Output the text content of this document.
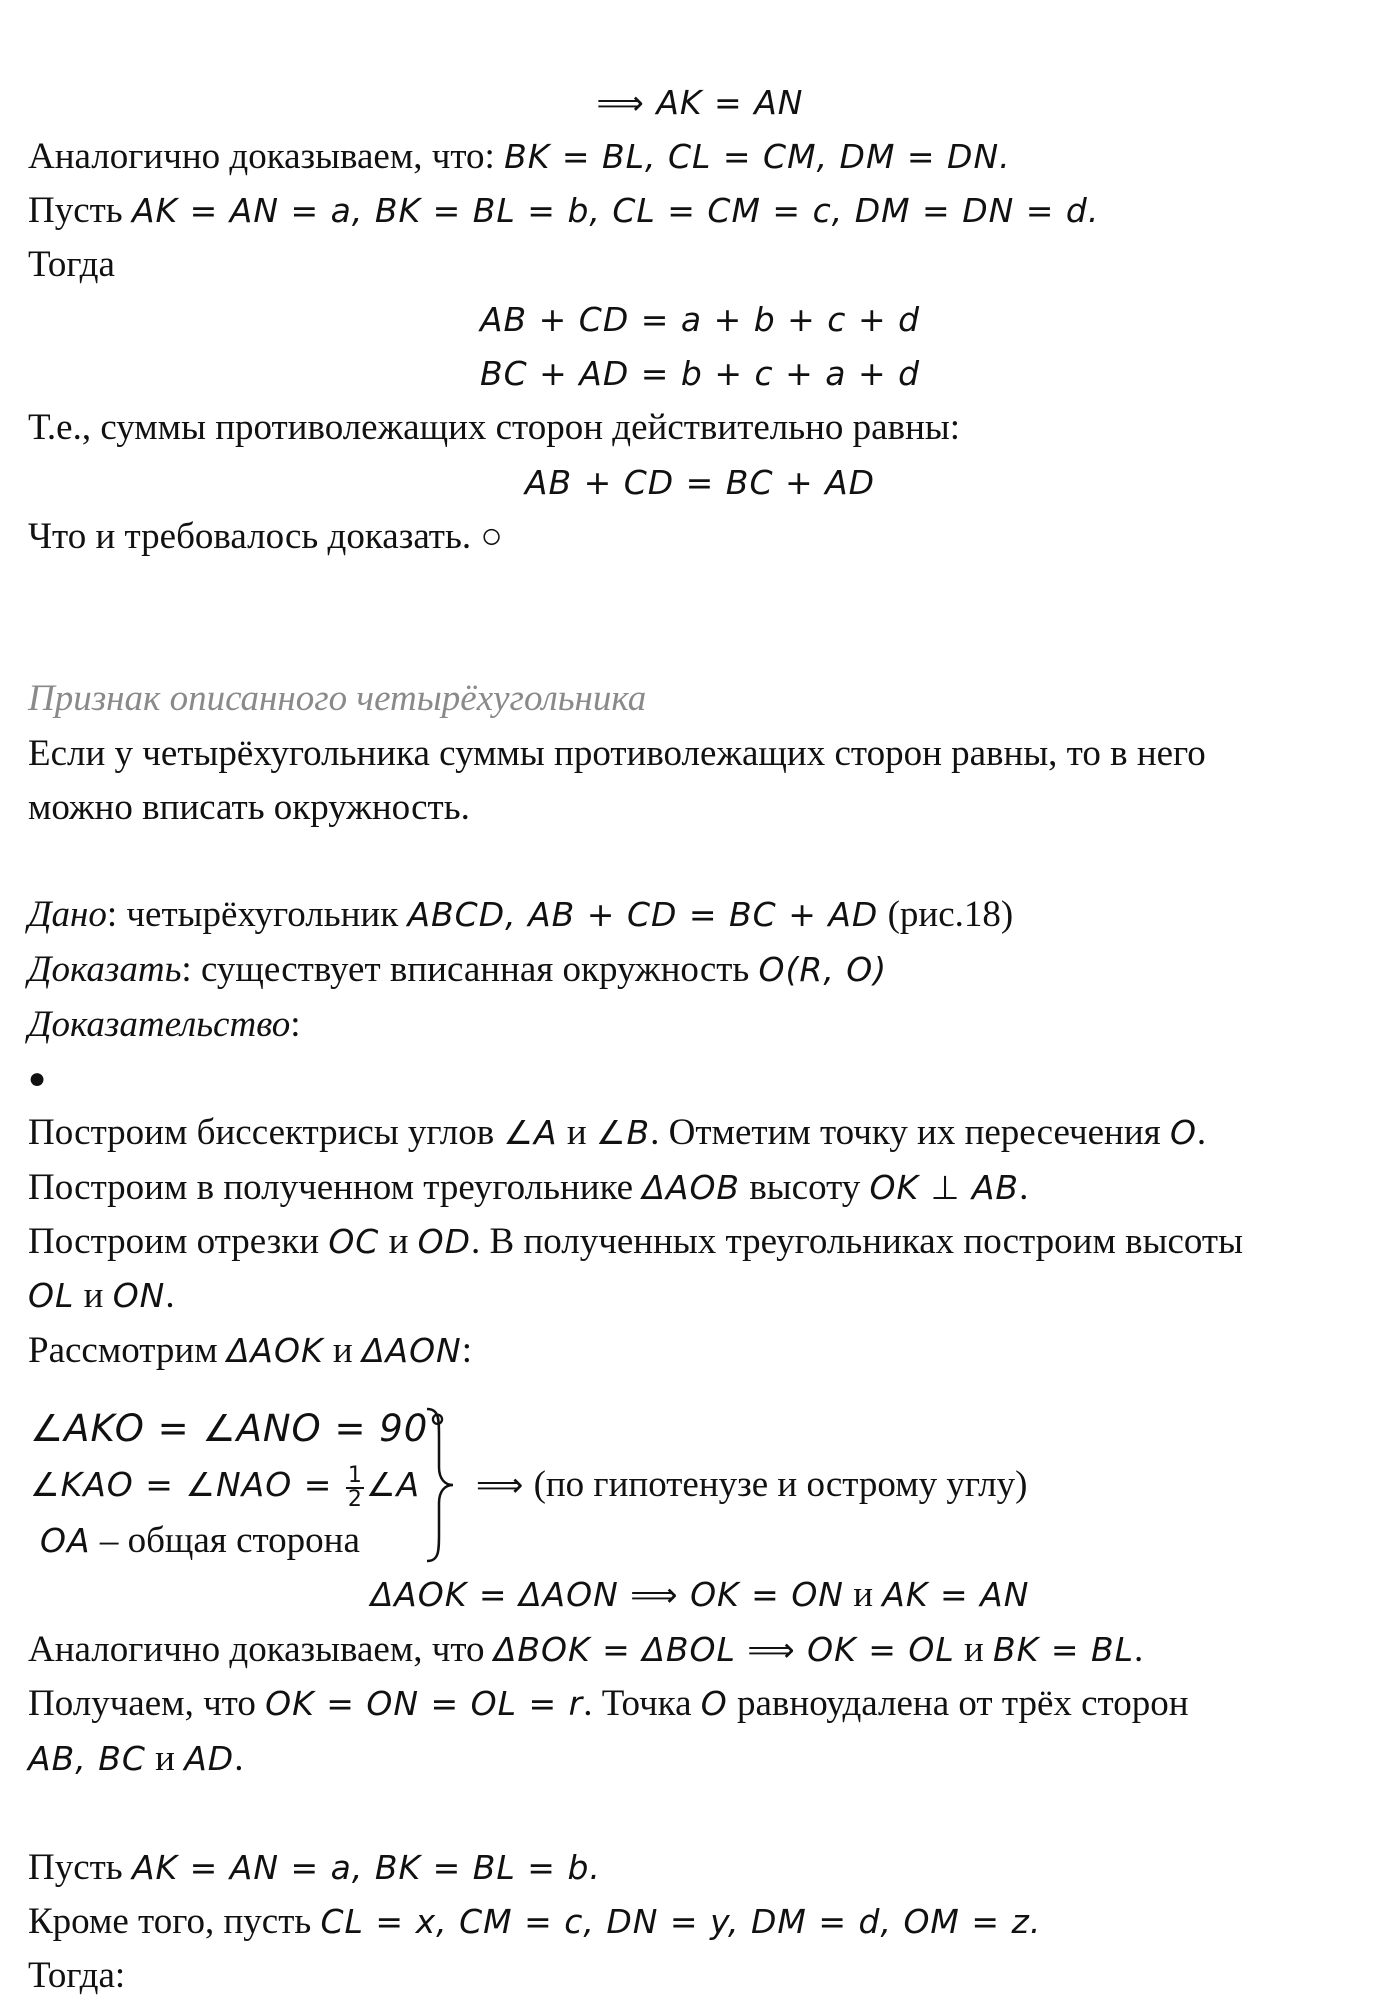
⟹ AK = AN
Аналогично доказываем, что: BK = BL, CL = CM, DM = DN.
Пусть AK = AN = a, BK = BL = b, CL = CM = c, DM = DN = d.
Тогда
AB + CD = a + b + c + d
BC + AD = b + c + a + d
Т.е., суммы противолежащих сторон действительно равны:
AB + CD = BC + AD
Что и требовалось доказать. ○
Признак описанного четырёхугольника
Если у четырёхугольника суммы противолежащих сторон равны, то в него
можно вписать окружность.
Дано: четырёхугольник ABCD, AB + CD = BC + AD (рис.18)
Доказать: существует вписанная окружность O(R, O)
Доказательство:
●
Построим биссектрисы углов ∠A и ∠B. Отметим точку их пересечения O.
Построим в полученном треугольнике ΔAOB высоту OK ⊥ AB.
Построим отрезки OC и OD. В полученных треугольниках построим высоты
OL и ON.
Рассмотрим ΔAOK и ΔAON:
∠AKO = ∠ANO = 90°
∠KAO = ∠NAO = $\frac{1}{2}$ ∠A
OA – общая сторона
⟹ (по гипотенузе и острому углу)
ΔAOK = ΔAON ⟹ OK = ON и AK = AN
Аналогично доказываем, что ΔBOK = ΔBOL ⟹ OK = OL и BK = BL.
Получаем, что OK = ON = OL = r. Точка O равноудалена от трёх сторон
AB, BC и AD.
Пусть AK = AN = a, BK = BL = b.
Кроме того, пусть CL = x, CM = c, DN = y, DM = d, OM = z.
Тогда:
